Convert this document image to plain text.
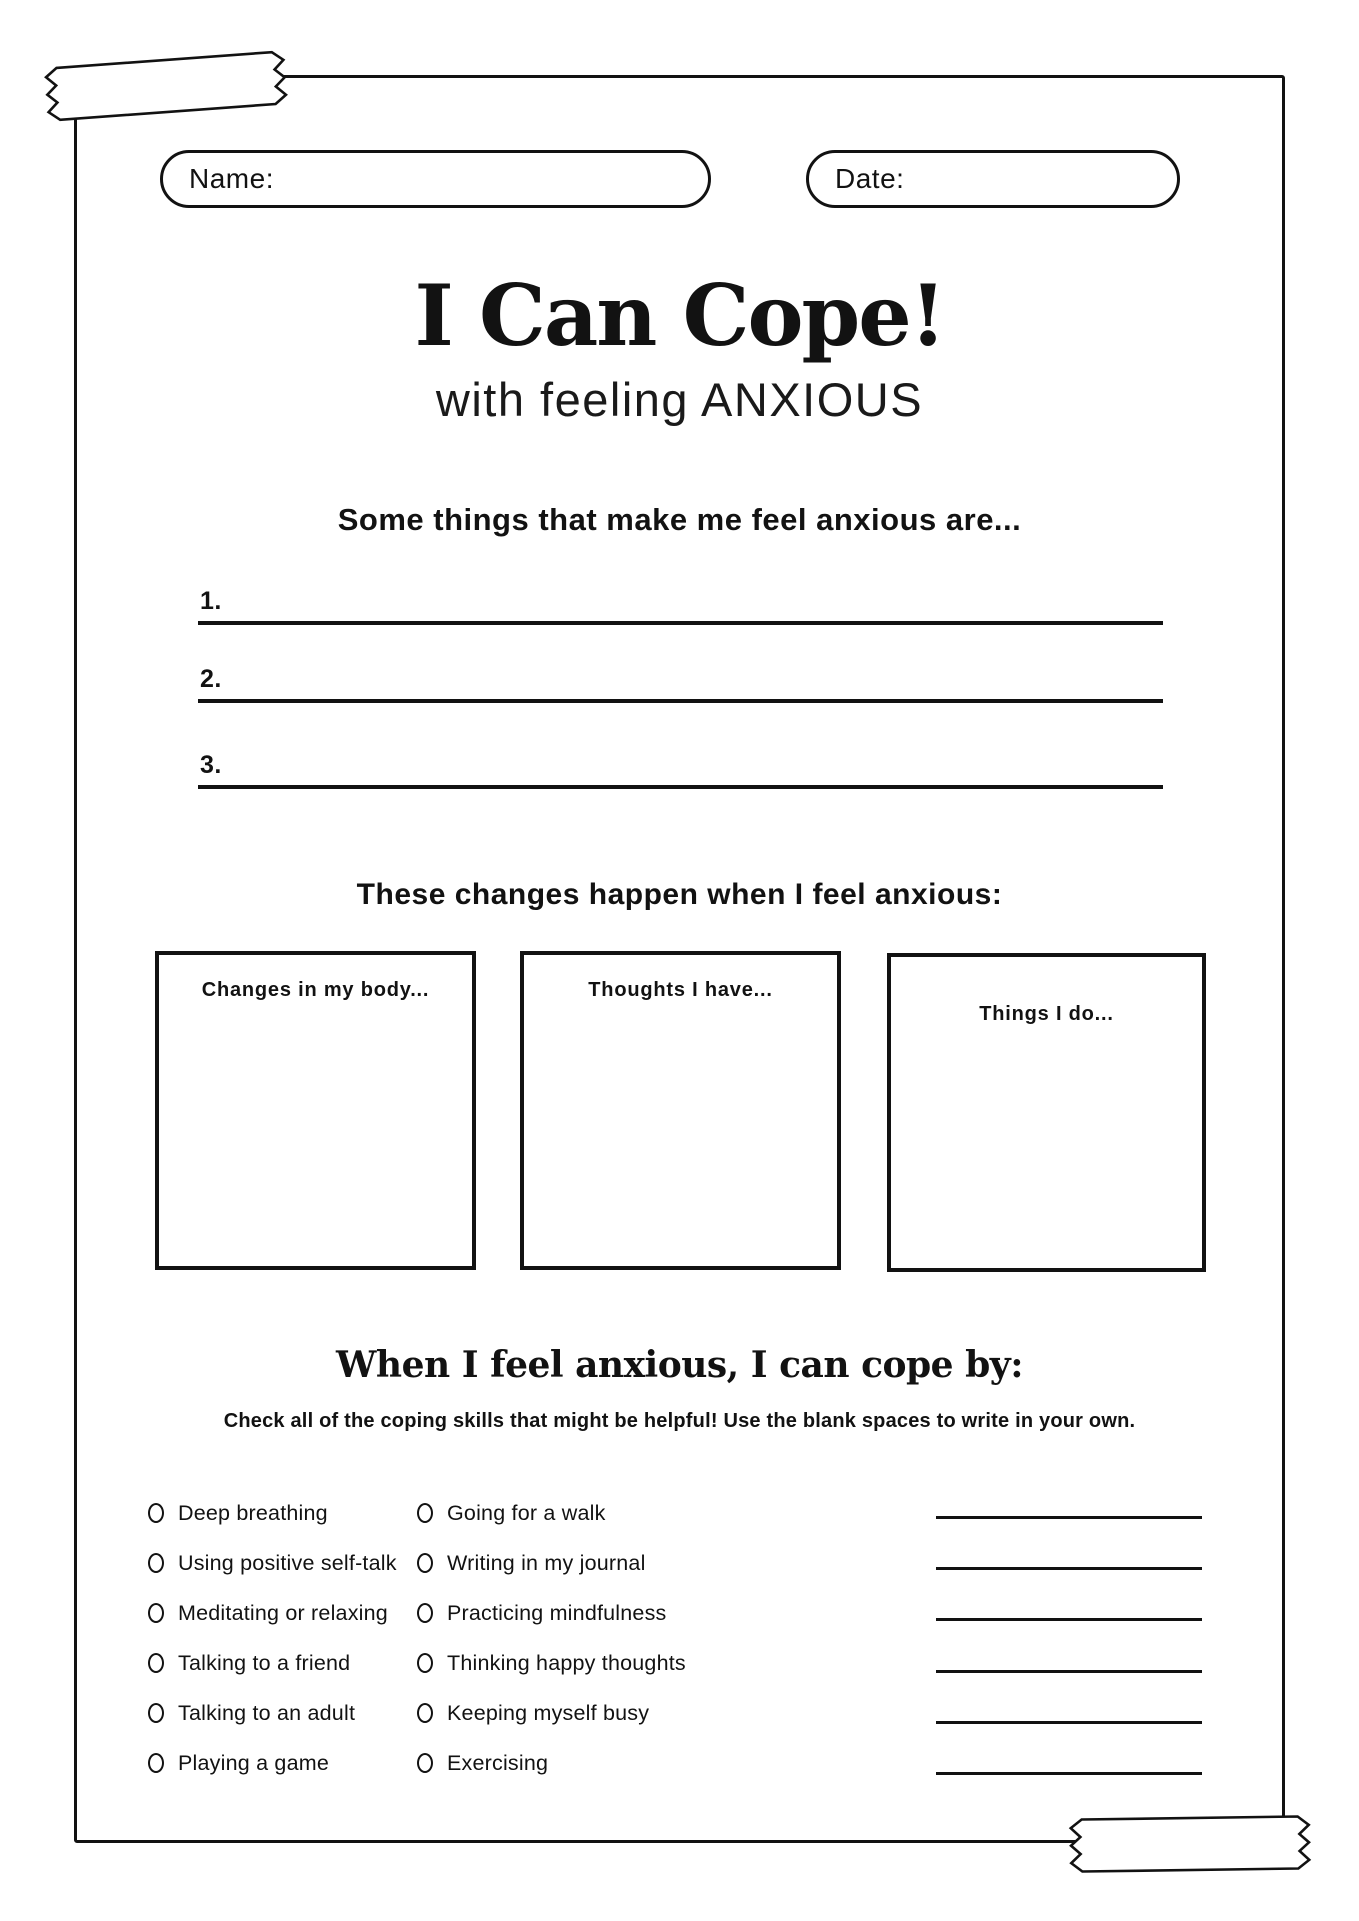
Name:	Date:
I Can Cope!
with feeling ANXIOUS
Some things that make me feel anxious are...
1.
2.
3.
These changes happen when I feel anxious:
Changes in my body...	Thoughts I have...
Things I do...
When I feel anxious, I can cope by:
Check all of the coping skills that might be helpful! Use the blank spaces to write in your own.
Deep breathing
Using positive self-talk
Meditating or relaxing
Talking to a friend
Talking to an adult
Playing a game
Going for a walk
Writing in my journal
Practicing mindfulness
Thinking happy thoughts
Keeping myself busy
Exercising
